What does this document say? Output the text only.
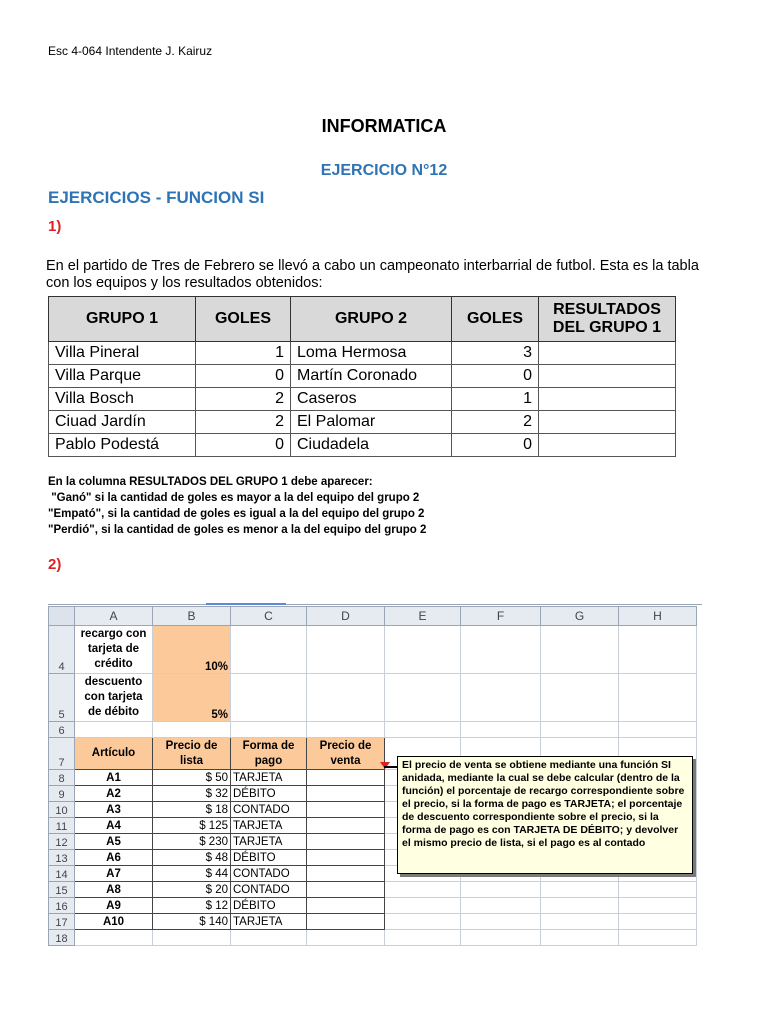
Esc 4-064 Intendente J. Kairuz
INFORMATICA
EJERCICIO N°12
EJERCICIOS - FUNCION SI
1)
En el partido de Tres de Febrero se llevó a cabo un campeonato interbarrial de futbol. Esta es la tabla con los equipos y los resultados obtenidos:
GRUPO 1	GOLES	GRUPO 2	GOLES	RESULTADOS DEL GRUPO 1
Villa Pineral	1	Loma Hermosa	3	
Villa Parque	0	Martín Coronado	0	
Villa Bosch	2	Caseros	1	
Ciuad Jardín	2	El Palomar	2	
Pablo Podestá	0	Ciudadela	0	
En la columna RESULTADOS DEL GRUPO 1 debe aparecer:
"Ganó" si la cantidad de goles es mayor a la del equipo del grupo 2
"Empató", si la cantidad de goles es igual a la del equipo del grupo 2
"Perdió", si la cantidad de goles es menor a la del equipo del grupo 2
2)
	A	B	C	D	E	F	G	H
4	recargo con tarjeta de crédito	10%						
5	descuento con tarjeta de débito	5%						
6								
7	Artículo	Precio de lista	Forma de pago	Precio de venta				
8	A1	$ 50	TARJETA					
9	A2	$ 32	DÉBITO					
10	A3	$ 18	CONTADO					
11	A4	$ 125	TARJETA					
12	A5	$ 230	TARJETA					
13	A6	$ 48	DÉBITO					
14	A7	$ 44	CONTADO					
15	A8	$ 20	CONTADO					
16	A9	$ 12	DÉBITO					
17	A10	$ 140	TARJETA					
18								
El precio de venta se obtiene mediante una función SI anidada, mediante la cual se debe calcular (dentro de la función) el porcentaje de recargo correspondiente sobre el precio, si la forma de pago es TARJETA; el porcentaje de descuento correspondiente sobre el precio, si la forma de pago es con TARJETA DE DÉBITO; y devolver el mismo precio de lista, si el pago es al contado
